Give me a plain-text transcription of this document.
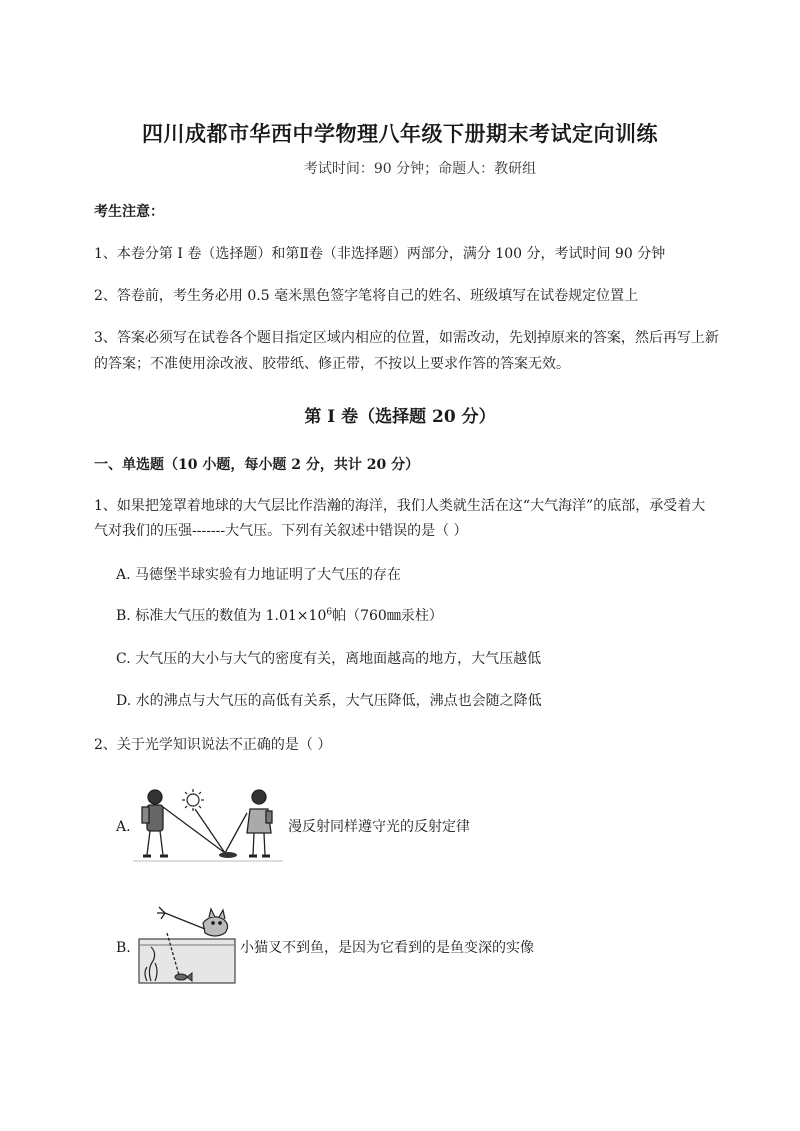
四川成都市华西中学物理八年级下册期末考试定向训练
考试时间：90 分钟；命题人：教研组
考生注意：
1、本卷分第 I 卷（选择题）和第Ⅱ卷（非选择题）两部分，满分 100 分，考试时间 90 分钟
2、答卷前，考生务必用 0.5 毫米黑色签字笔将自己的姓名、班级填写在试卷规定位置上
3、答案必须写在试卷各个题目指定区域内相应的位置，如需改动，先划掉原来的答案，然后再写上新
的答案；不准使用涂改液、胶带纸、修正带，不按以上要求作答的答案无效。
第 I 卷（选择题 20 分）
一、单选题（10 小题，每小题 2 分，共计 20 分）
1、如果把笼罩着地球的大气层比作浩瀚的海洋，我们人类就生活在这“大气海洋”的底部，承受着大
气对我们的压强-------大气压。下列有关叙述中错误的是（ ）
A. 马德堡半球实验有力地证明了大气压的存在
B. 标准大气压的数值为 $1.01\times 10^6$帕（760㎜汞柱）
C. 大气压的大小与大气的密度有关，离地面越高的地方，大气压越低
D. 水的沸点与大气压的高低有关系，大气压降低，沸点也会随之降低
2、关于光学知识说法不正确的是（ ）
A.	漫反射同样遵守光的反射定律
B.	小猫叉不到鱼，是因为它看到的是鱼变深的实像
